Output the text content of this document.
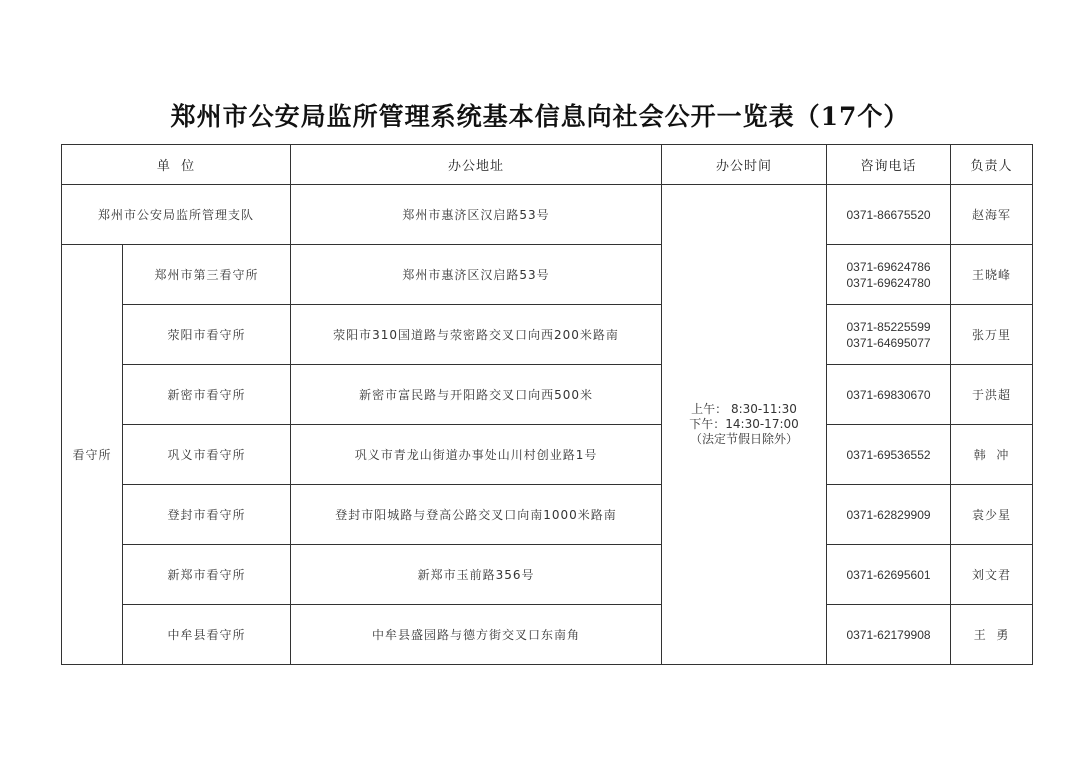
郑州市公安局监所管理系统基本信息向社会公开一览表（17个）
单  位		办公地址	办公时间	咨询电话	负责人
郑州市公安局监所管理支队		郑州市惠济区汉启路53号	上午： 8:30-11:30
下午：14:30-17:00
（法定节假日除外）	0371-86675520	赵海军
看守所	郑州市第三看守所	郑州市惠济区汉启路53号		0371-69624786
0371-69624780	王晓峰
	荥阳市看守所	荥阳市310国道路与荥密路交叉口向西200米路南		0371-85225599
0371-64695077	张万里
	新密市看守所	新密市富民路与开阳路交叉口向西500米		0371-69830670	于洪超
	巩义市看守所	巩义市青龙山街道办事处山川村创业路1号		0371-69536552	韩  冲
	登封市看守所	登封市阳城路与登高公路交叉口向南1000米路南		0371-62829909	袁少星
	新郑市看守所	新郑市玉前路356号		0371-62695601	刘文君
	中牟县看守所	中牟县盛园路与德方街交叉口东南角		0371-62179908	王  勇
